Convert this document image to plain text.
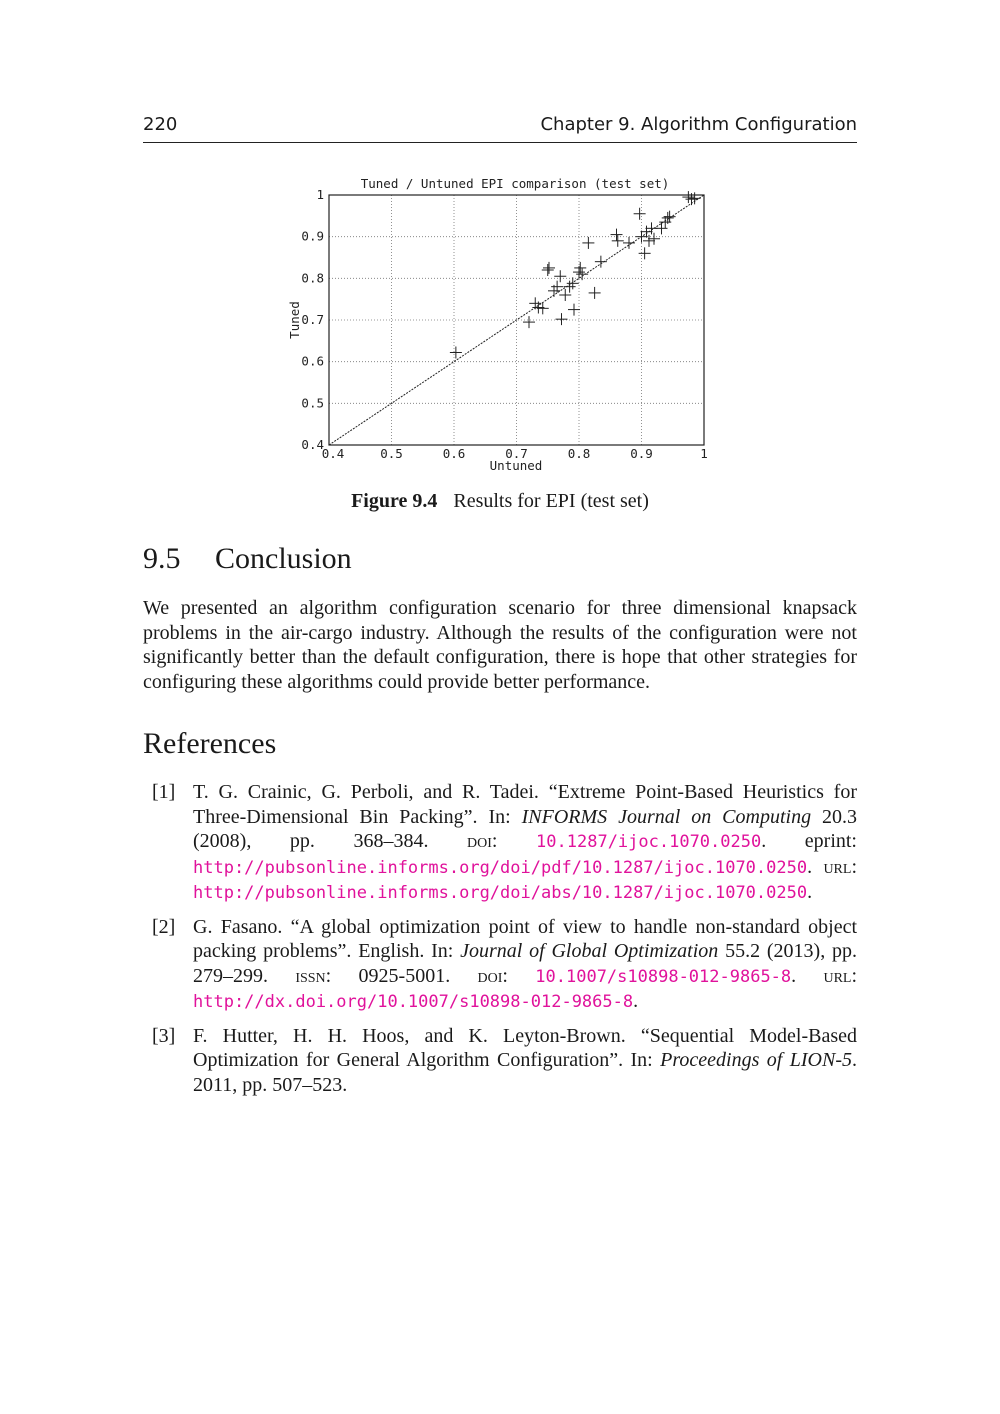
220	Chapter 9. Algorithm Configuration
Tuned / Untuned EPI comparison (test set)
0.4	0.5	0.6	0.7	0.8	0.9	1
0.4
0.5
0.6
0.7
0.8
0.9
1
Untuned
Tuned
Figure 9.4 Results for EPI (test set)
9.5 Conclusion

We presented an algorithm configuration scenario for three dimensional knapsack problems in the air-cargo industry. Although the results of the configuration were not significantly better than the default configuration, there is hope that other strategies for configuring these algorithms could provide better performance.

References
[1] T. G. Crainic, G. Perboli, and R. Tadei. “Extreme Point-Based Heuristics for Three-Dimensional Bin Packing”. In: INFORMS Journal on Computing 20.3 (2008), pp. 368–384. doi: 10.1287/ijoc.1070.0250. eprint: http://pubsonline.informs.org/doi/pdf/10.1287/ijoc.1070.0250. url: http://pubsonline.informs.org/doi/abs/10.1287/ijoc.1070.0250.
[2] G. Fasano. “A global optimization point of view to handle non-standard object packing problems”. English. In: Journal of Global Optimization 55.2 (2013), pp. 279–299. issn: 0925-5001. doi: 10.1007/s10898-012-9865-8. url: http://dx.doi.org/10.1007/s10898-012-9865-8.
[3] F. Hutter, H. H. Hoos, and K. Leyton-Brown. “Sequential Model-Based Optimization for General Algorithm Configuration”. In: Proceedings of LION-5. 2011, pp. 507–523.
